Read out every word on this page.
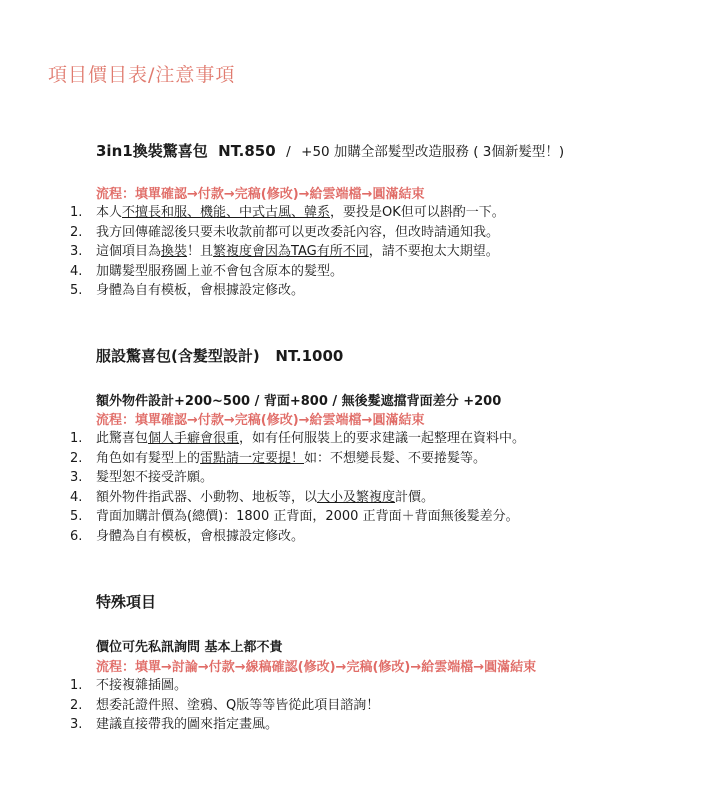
項目價目表/注意事項
3in1換裝驚喜包 NT.850 / +50 加購全部髮型改造服務 ( 3個新髮型！)
流程：填單確認→付款→完稿(修改)→給雲端檔→圓滿結束
1. 本人不擅長和服、機能、中式古風、韓系，要投是OK但可以斟酌一下。
2. 我方回傳確認後只要未收款前都可以更改委託內容，但改時請通知我。
3. 這個項目為換裝！且繁複度會因為TAG有所不同，請不要抱太大期望。
4. 加購髮型服務圖上並不會包含原本的髮型。
5. 身體為自有模板，會根據設定修改。
服設驚喜包(含髮型設計) NT.1000
額外物件設計+200~500 / 背面+800 / 無後髮遮擋背面差分 +200
流程：填單確認→付款→完稿(修改)→給雲端檔→圓滿結束
1. 此驚喜包個人手癖會很重，如有任何服裝上的要求建議一起整理在資料中。
2. 角色如有髮型上的雷點請一定要提！如：不想變長髮、不要捲髮等。
3. 髮型恕不接受許願。
4. 額外物件指武器、小動物、地板等，以大小及繁複度計價。
5. 背面加購計價為(總價)：1800 正背面，2000 正背面＋背面無後髮差分。
6. 身體為自有模板，會根據設定修改。
特殊項目
價位可先私訊詢問 基本上都不貴
流程：填單→討論→付款→線稿確認(修改)→完稿(修改)→給雲端檔→圓滿結束
1. 不接複雜插圖。
2. 想委託證件照、塗鴉、Q版等等皆從此項目諮詢！
3. 建議直接帶我的圖來指定畫風。
